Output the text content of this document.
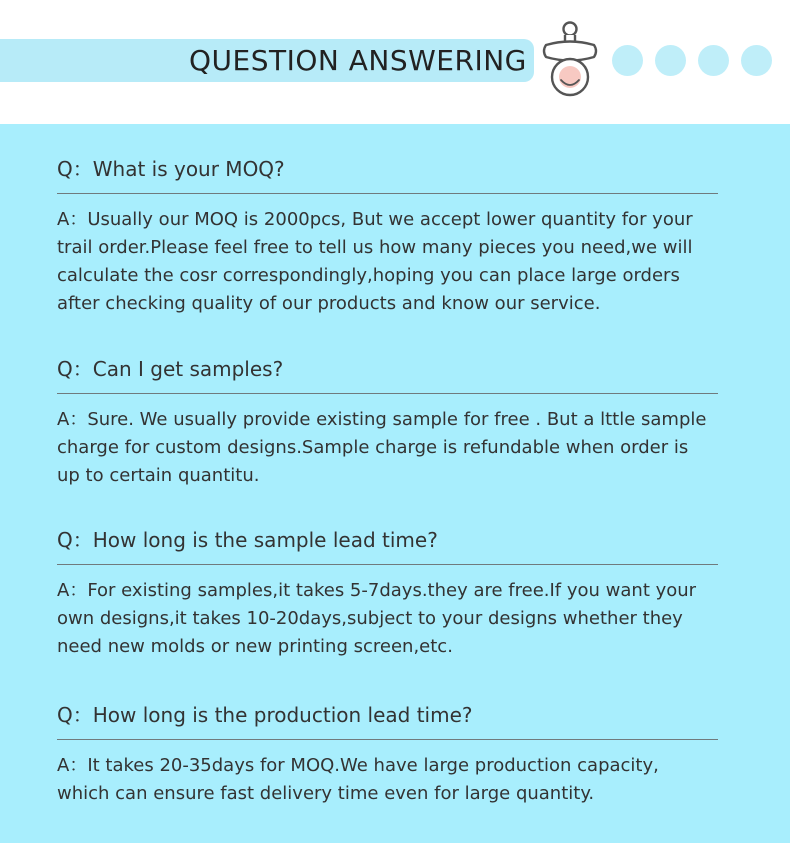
QUESTION ANSWERING
Q：What is your MOQ?
A：Usually our MOQ is 2000pcs, But we accept lower quantity for your
trail order.Please feel free to tell us how many pieces you need,we will
calculate the cosr correspondingly,hoping you can place large orders
after checking quality of our products and know our service.
Q：Can I get samples?
A：Sure. We usually provide existing sample for free . But a lttle sample
charge for custom designs.Sample charge is refundable when order is
up to certain quantitu.
Q：How long is the sample lead time?
A：For existing samples,it takes 5-7days.they are free.If you want your
own designs,it takes 10-20days,subject to your designs whether they
need new molds or new printing screen,etc.
Q：How long is the production lead time?
A：It takes 20-35days for MOQ.We have large production capacity,
which can ensure fast delivery time even for large quantity.
